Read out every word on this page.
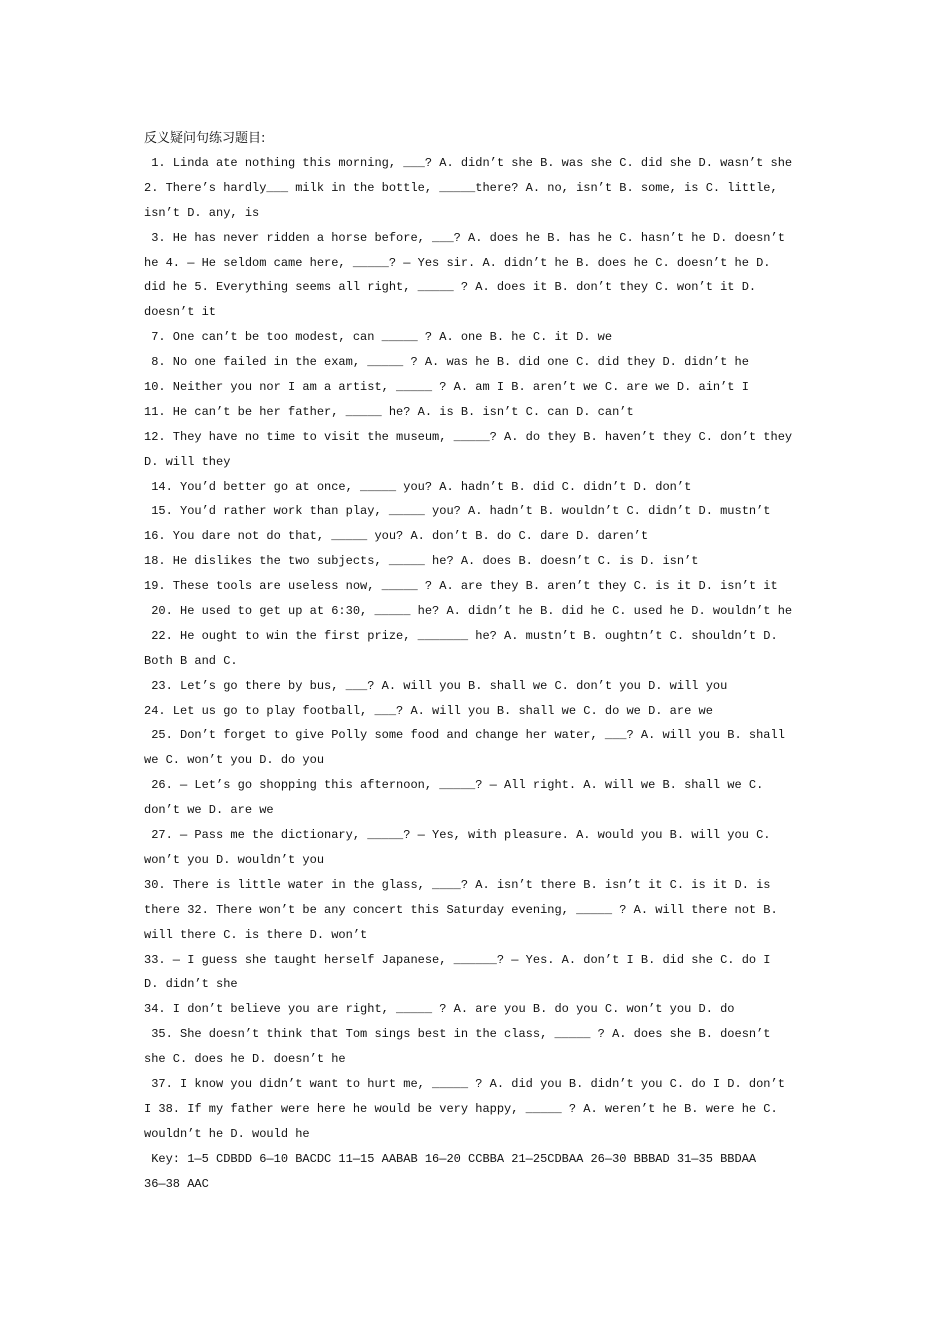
反义疑问句练习题目:
1. Linda ate nothing this morning, ___? A. didn’t she B. was she C. did she D. wasn’t she
2. There’s hardly___ milk in the bottle, _____there? A. no, isn’t B. some, is C. little,
isn’t D. any, is
3. He has never ridden a horse before, ___? A. does he B. has he C. hasn’t he D. doesn’t
he 4. — He seldom came here, _____? — Yes sir. A. didn’t he B. does he C. doesn’t he D.
did he 5. Everything seems all right, _____ ? A. does it B. don’t they C. won’t it D.
doesn’t it
7. One can’t be too modest, can _____ ? A. one B. he C. it D. we
8. No one failed in the exam, _____ ? A. was he B. did one C. did they D. didn’t he
10. Neither you nor I am a artist, _____ ? A. am I B. aren’t we C. are we D. ain’t I
11. He can’t be her father, _____ he? A. is B. isn’t C. can D. can’t
12. They have no time to visit the museum, _____? A. do they B. haven’t they C. don’t they
D. will they
14. You’d better go at once, _____ you? A. hadn’t B. did C. didn’t D. don’t
15. You’d rather work than play, _____ you? A. hadn’t B. wouldn’t C. didn’t D. mustn’t
16. You dare not do that, _____ you? A. don’t B. do C. dare D. daren’t
18. He dislikes the two subjects, _____ he? A. does B. doesn’t C. is D. isn’t
19. These tools are useless now, _____ ? A. are they B. aren’t they C. is it D. isn’t it
20. He used to get up at 6:30, _____ he? A. didn’t he B. did he C. used he D. wouldn’t he
22. He ought to win the first prize, _______ he? A. mustn’t B. oughtn’t C. shouldn’t D.
Both B and C.
23. Let’s go there by bus, ___? A. will you B. shall we C. don’t you D. will you
24. Let us go to play football, ___? A. will you B. shall we C. do we D. are we
25. Don’t forget to give Polly some food and change her water, ___? A. will you B. shall
we C. won’t you D. do you
26. — Let’s go shopping this afternoon, _____? — All right. A. will we B. shall we C.
don’t we D. are we
27. — Pass me the dictionary, _____? — Yes, with pleasure. A. would you B. will you C.
won’t you D. wouldn’t you
30. There is little water in the glass, ____? A. isn’t there B. isn’t it C. is it D. is
there 32. There won’t be any concert this Saturday evening, _____ ? A. will there not B.
will there C. is there D. won’t
33. — I guess she taught herself Japanese, ______? — Yes. A. don’t I B. did she C. do I
D. didn’t she
34. I don’t believe you are right, _____ ? A. are you B. do you C. won’t you D. do
35. She doesn’t think that Tom sings best in the class, _____ ? A. does she B. doesn’t
she C. does he D. doesn’t he
37. I know you didn’t want to hurt me, _____ ? A. did you B. didn’t you C. do I D. don’t
I 38. If my father were here he would be very happy, _____ ? A. weren’t he B. were he C.
wouldn’t he D. would he
Key: 1—5 CDBDD 6—10 BACDC 11—15 AABAB 16—20 CCBBA 21—25CDBAA 26—30 BBBAD 31—35 BBDAA
36—38 AAC
